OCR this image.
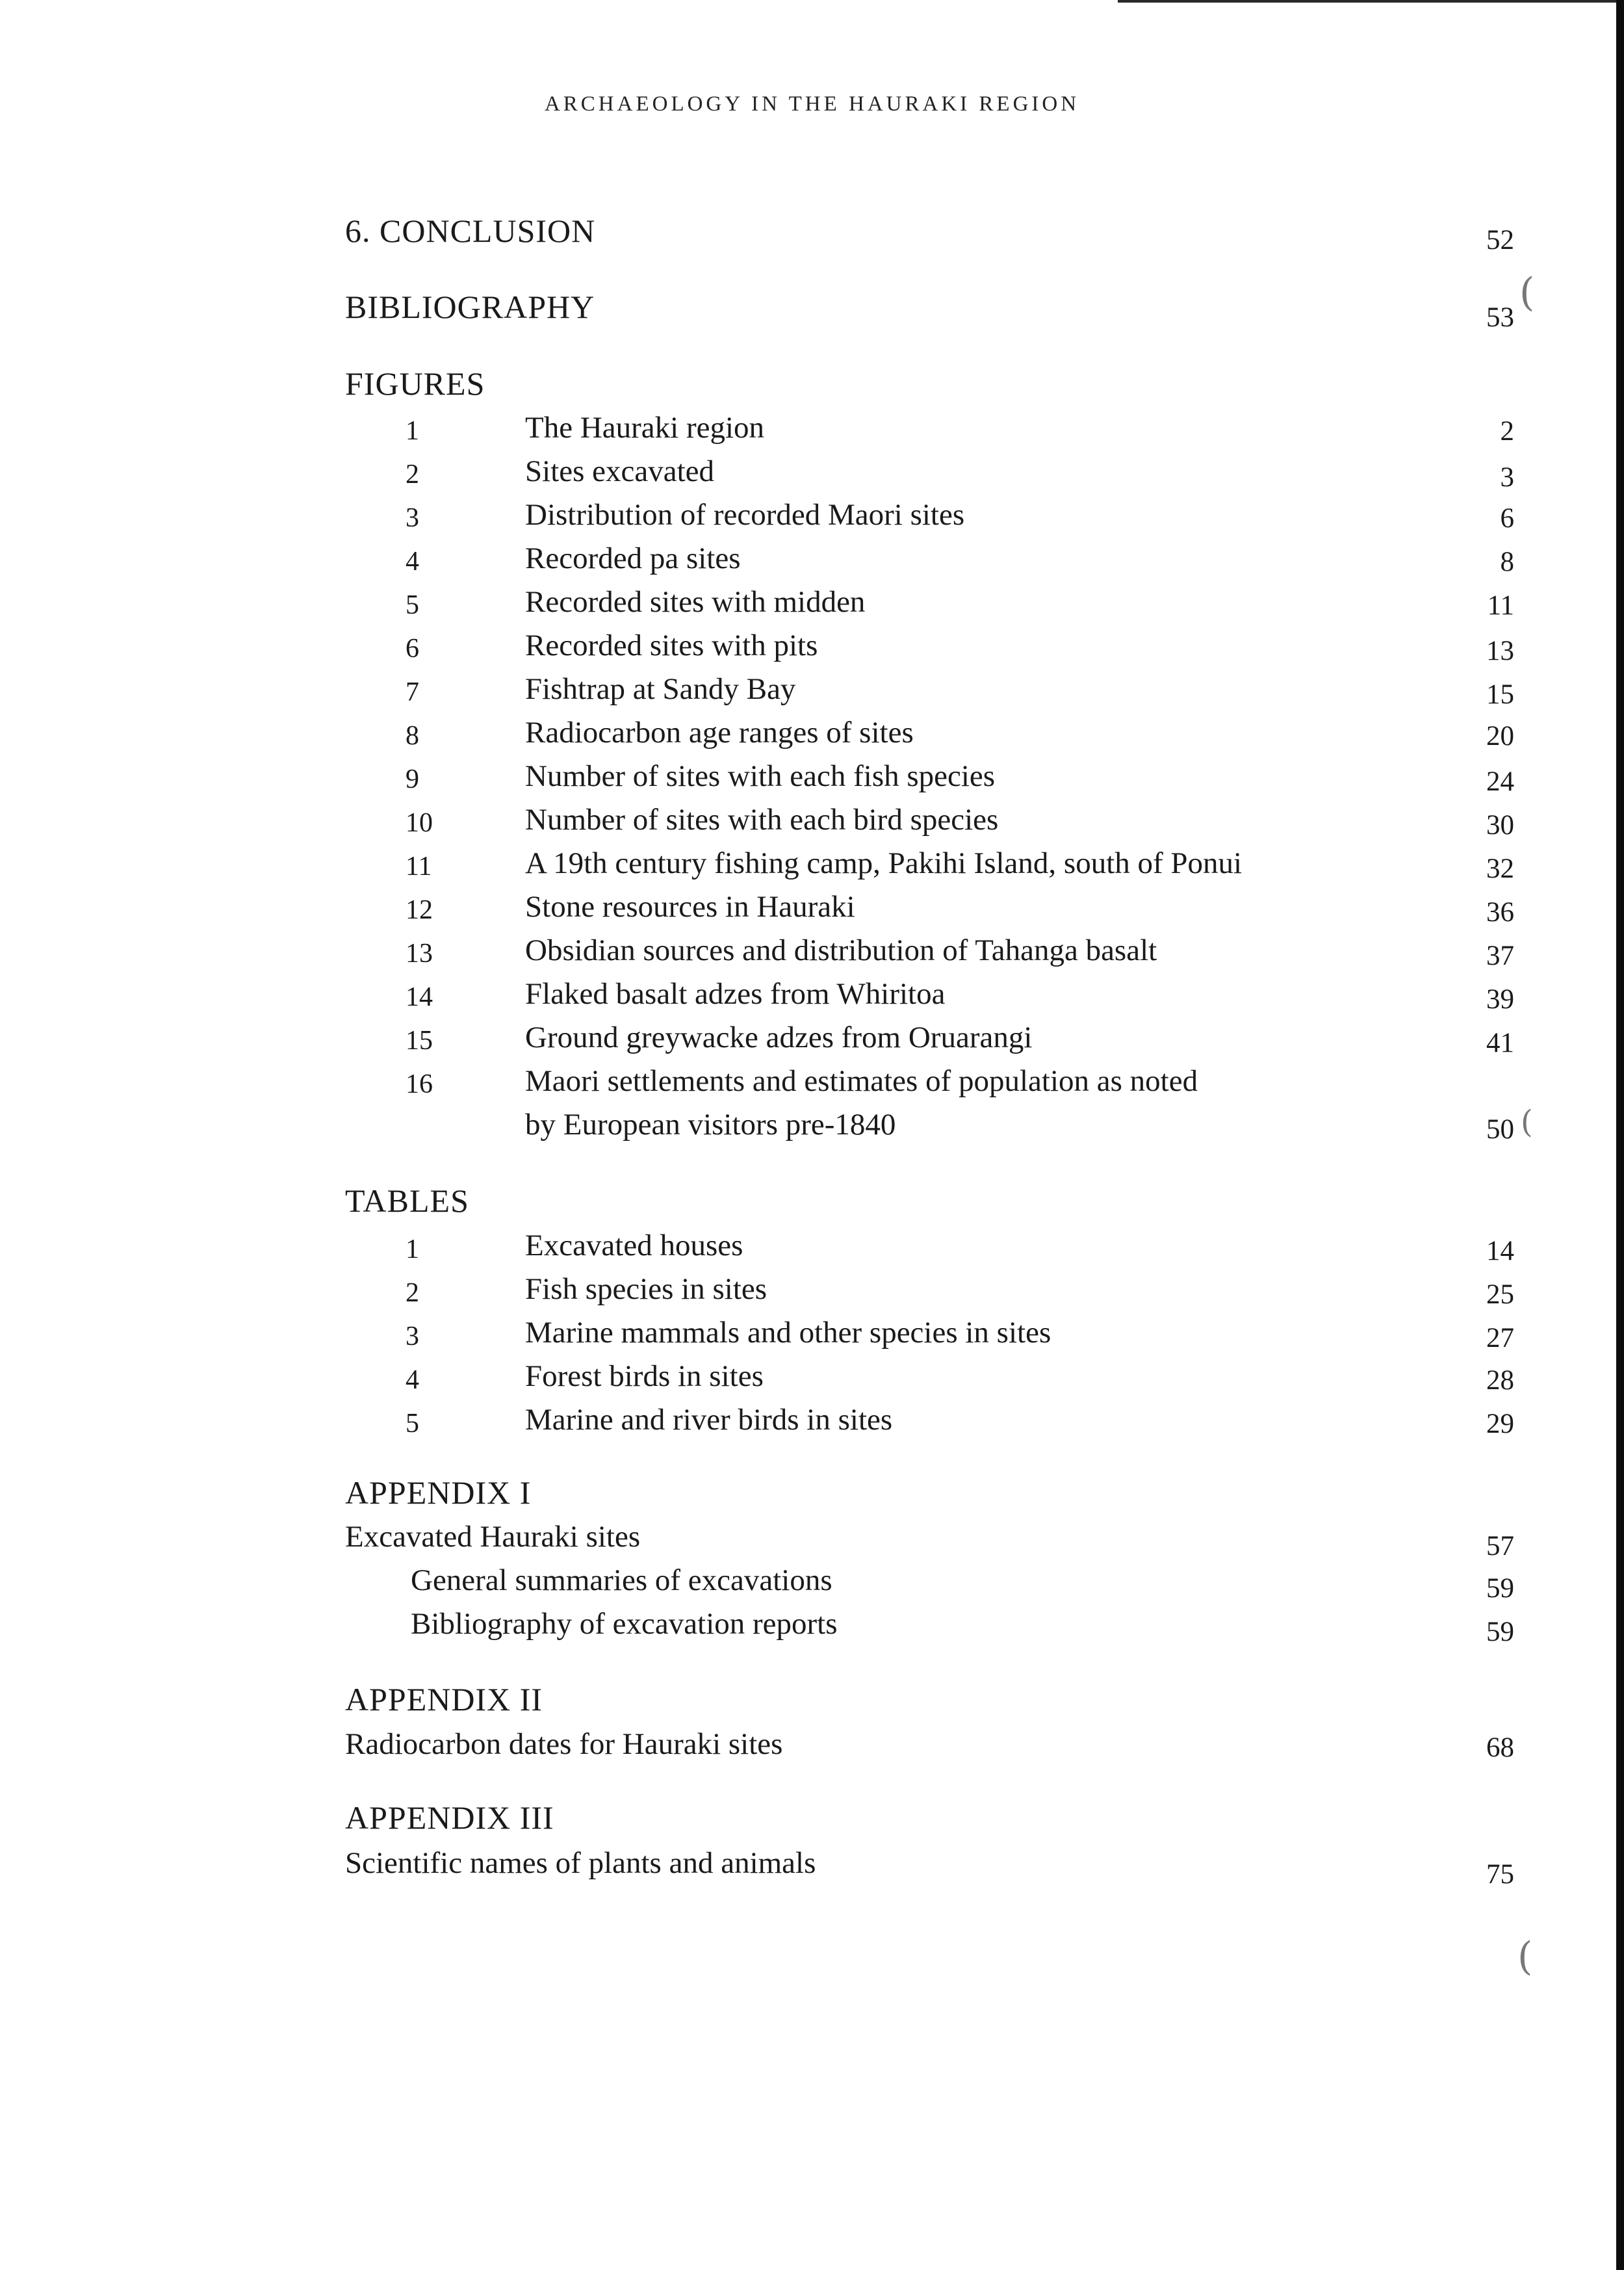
ARCHAEOLOGY IN THE HAURAKI REGION
6. CONCLUSION	52
BIBLIOGRAPHY	53
FIGURES
1	The Hauraki region	2
2	Sites excavated	3
3	Distribution of recorded Maori sites	6
4	Recorded pa sites	8
5	Recorded sites with midden	11
6	Recorded sites with pits	13
7	Fishtrap at Sandy Bay	15
8	Radiocarbon age ranges of sites	20
9	Number of sites with each fish species	24
10	Number of sites with each bird species	30
11	A 19th century fishing camp, Pakihi Island, south of Ponui	32
12	Stone resources in Hauraki	36
13	Obsidian sources and distribution of Tahanga basalt	37
14	Flaked basalt adzes from Whiritoa	39
15	Ground greywacke adzes from Oruarangi	41
16	Maori settlements and estimates of population as noted
by European visitors pre-1840	50
TABLES
1	Excavated houses	14
2	Fish species in sites	25
3	Marine mammals and other species in sites	27
4	Forest birds in sites	28
5	Marine and river birds in sites	29
APPENDIX I
Excavated Hauraki sites	57
General summaries of excavations	59
Bibliography of excavation reports	59
APPENDIX II
Radiocarbon dates for Hauraki sites	68
APPENDIX III
Scientific names of plants and animals	75
(
(
(
